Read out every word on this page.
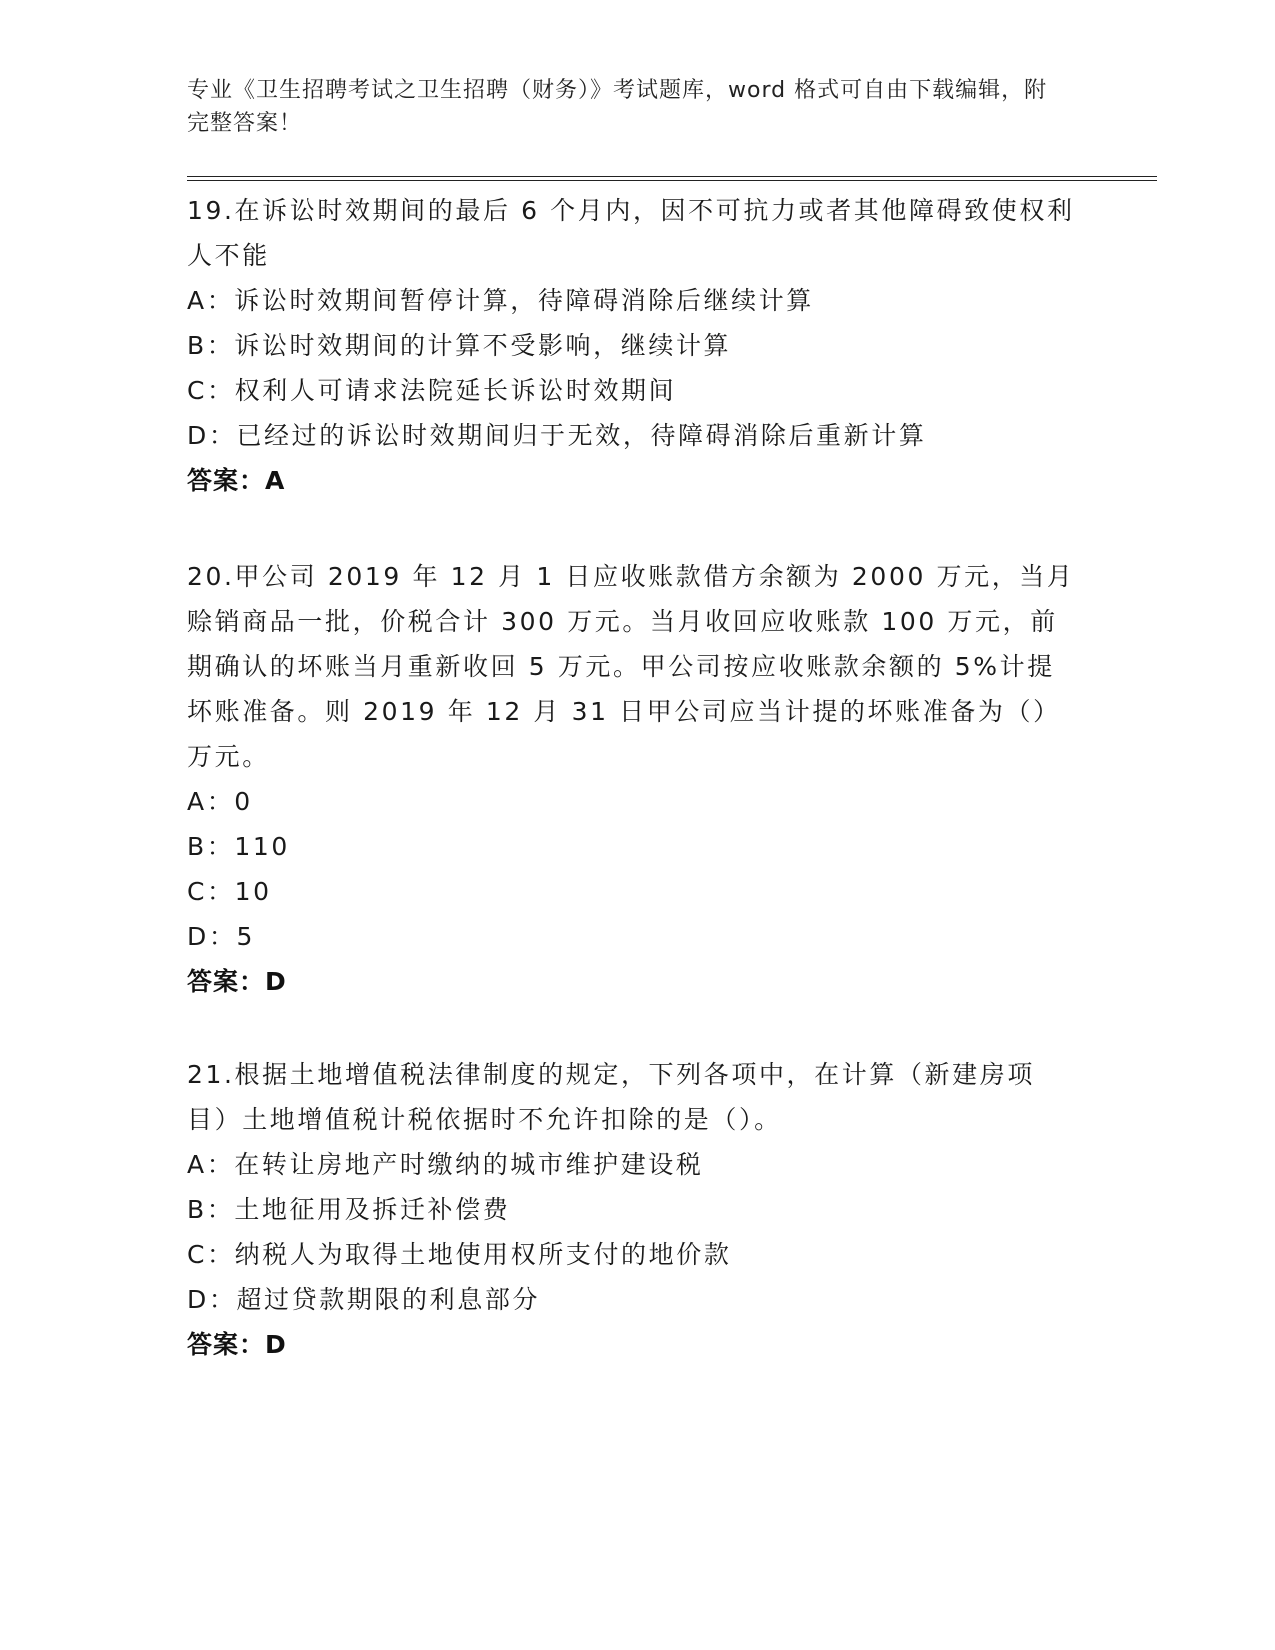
专业《卫生招聘考试之卫生招聘（财务）》考试题库，word 格式可自由下载编辑，附完整答案！

19.在诉讼时效期间的最后 6 个月内，因不可抗力或者其他障碍致使权利人不能

A：诉讼时效期间暂停计算，待障碍消除后继续计算

B：诉讼时效期间的计算不受影响，继续计算

C：权利人可请求法院延长诉讼时效期间

D：已经过的诉讼时效期间归于无效，待障碍消除后重新计算

答案：A

20.甲公司 2019 年 12 月 1 日应收账款借方余额为 2000 万元，当月赊销商品一批，价税合计 300 万元。当月收回应收账款 100 万元，前期确认的坏账当月重新收回 5 万元。甲公司按应收账款余额的 5%计提坏账准备。则 2019 年 12 月 31 日甲公司应当计提的坏账准备为（）万元。

A：0

B：110

C：10

D：5

答案：D

21.根据土地增值税法律制度的规定，下列各项中，在计算（新建房项目）土地增值税计税依据时不允许扣除的是（）。

A：在转让房地产时缴纳的城市维护建设税

B：土地征用及拆迁补偿费

C：纳税人为取得土地使用权所支付的地价款

D：超过贷款期限的利息部分

答案：D
